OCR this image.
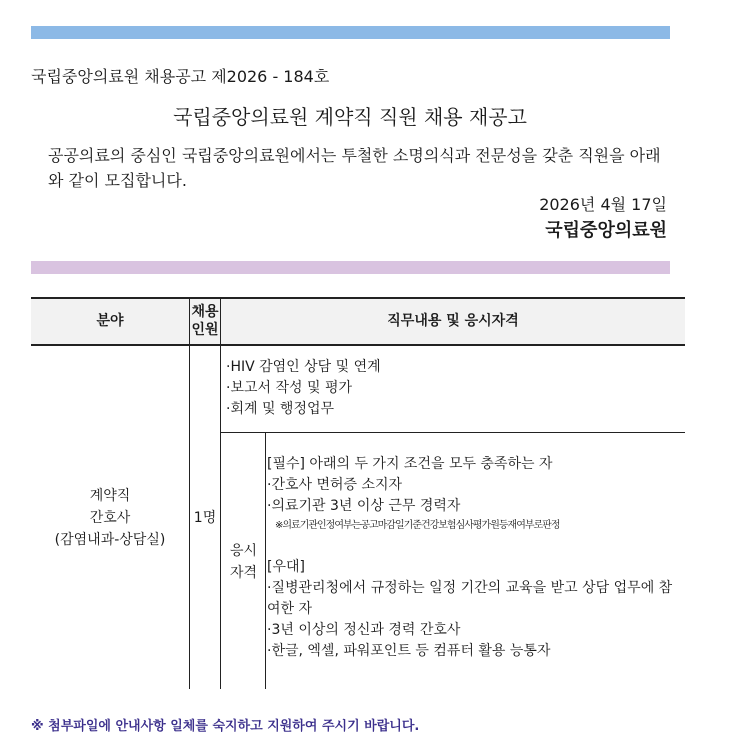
국립중앙의료원 채용공고 제2026 - 184호
국립중앙의료원 계약직 직원 채용 재공고
공공의료의 중심인 국립중앙의료원에서는 투철한 소명의식과 전문성을 갖춘 직원을 아래와 같이 모집합니다.
2026년 4월 17일
국립중앙의료원
분야
채용
인원
직무내용 및 응시자격
계약직
간호사
(감염내과-상담실)
1명
·HIV 감염인 상담 및 연계
·보고서 작성 및 평가
·회계 및 행정업무
응시
자격
[필수] 아래의 두 가지 조건을 모두 충족하는 자
·간호사 면허증 소지자
·의료기관 3년 이상 근무 경력자
※의료기관인정여부는공고마감일기준건강보험심사평가원등재여부로판정
[우대]
·질병관리청에서 규정하는 일정 기간의 교육을 받고 상담 업무에 참여한 자
·3년 이상의 정신과 경력 간호사
·한글, 엑셀, 파워포인트 등 컴퓨터 활용 능통자
※ 첨부파일에 안내사항 일체를 숙지하고 지원하여 주시기 바랍니다.
